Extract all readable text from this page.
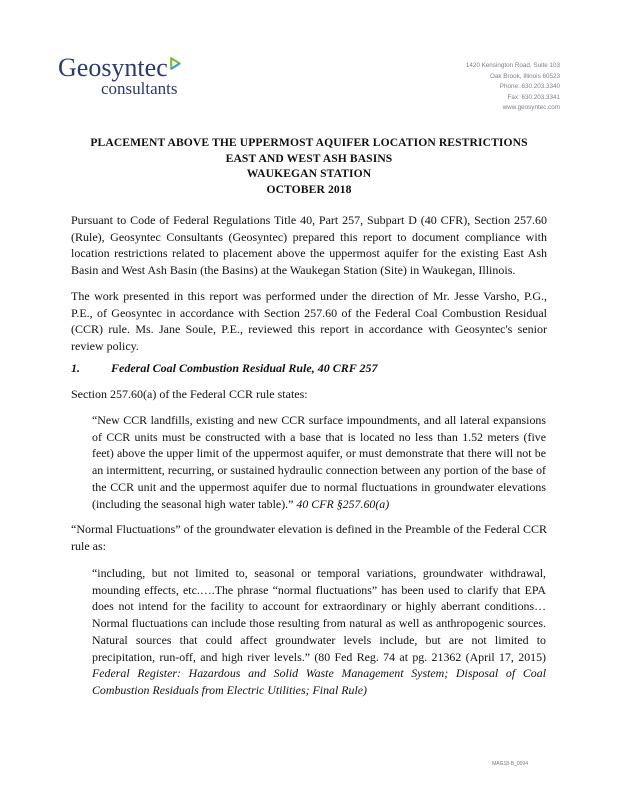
Geosyntec
consultants
1420 Kensington Road, Suite 103
Oak Brook, Illinois 60523
Phone: 630.203.3340
Fax: 630.203.3341
www.geosyntec.com
PLACEMENT ABOVE THE UPPERMOST AQUIFER LOCATION RESTRICTIONS
EAST AND WEST ASH BASINS
WAUKEGAN STATION
OCTOBER 2018

Pursuant to Code of Federal Regulations Title 40, Part 257, Subpart D (40 CFR), Section 257.60 (Rule), Geosyntec Consultants (Geosyntec) prepared this report to document compliance with location restrictions related to placement above the uppermost aquifer for the existing East Ash Basin and West Ash Basin (the Basins) at the Waukegan Station (Site) in Waukegan, Illinois.

The work presented in this report was performed under the direction of Mr. Jesse Varsho, P.G., P.E., of Geosyntec in accordance with Section 257.60 of the Federal Coal Combustion Residual (CCR) rule. Ms. Jane Soule, P.E., reviewed this report in accordance with Geosyntec's senior review policy.

1.	Federal Coal Combustion Residual Rule, 40 CRF 257

Section 257.60(a) of the Federal CCR rule states:

“New CCR landfills, existing and new CCR surface impoundments, and all lateral expansions of CCR units must be constructed with a base that is located no less than 1.52 meters (five feet) above the upper limit of the uppermost aquifer, or must demonstrate that there will not be an intermittent, recurring, or sustained hydraulic connection between any portion of the base of the CCR unit and the uppermost aquifer due to normal fluctuations in groundwater elevations (including the seasonal high water table).” 40 CFR §257.60(a)

“Normal Fluctuations” of the groundwater elevation is defined in the Preamble of the Federal CCR rule as:

“including, but not limited to, seasonal or temporal variations, groundwater withdrawal, mounding effects, etc.….The phrase “normal fluctuations” has been used to clarify that EPA does not intend for the facility to account for extraordinary or highly aberrant conditions…Normal fluctuations can include those resulting from natural as well as anthropogenic sources. Natural sources that could affect groundwater levels include, but are not limited to precipitation, run-off, and high river levels.” (80 Fed Reg. 74 at pg. 21362 (April 17, 2015) Federal Register: Hazardous and Solid Waste Management System; Disposal of Coal Combustion Residuals from Electric Utilities; Final Rule)

MAG18-B_0094
